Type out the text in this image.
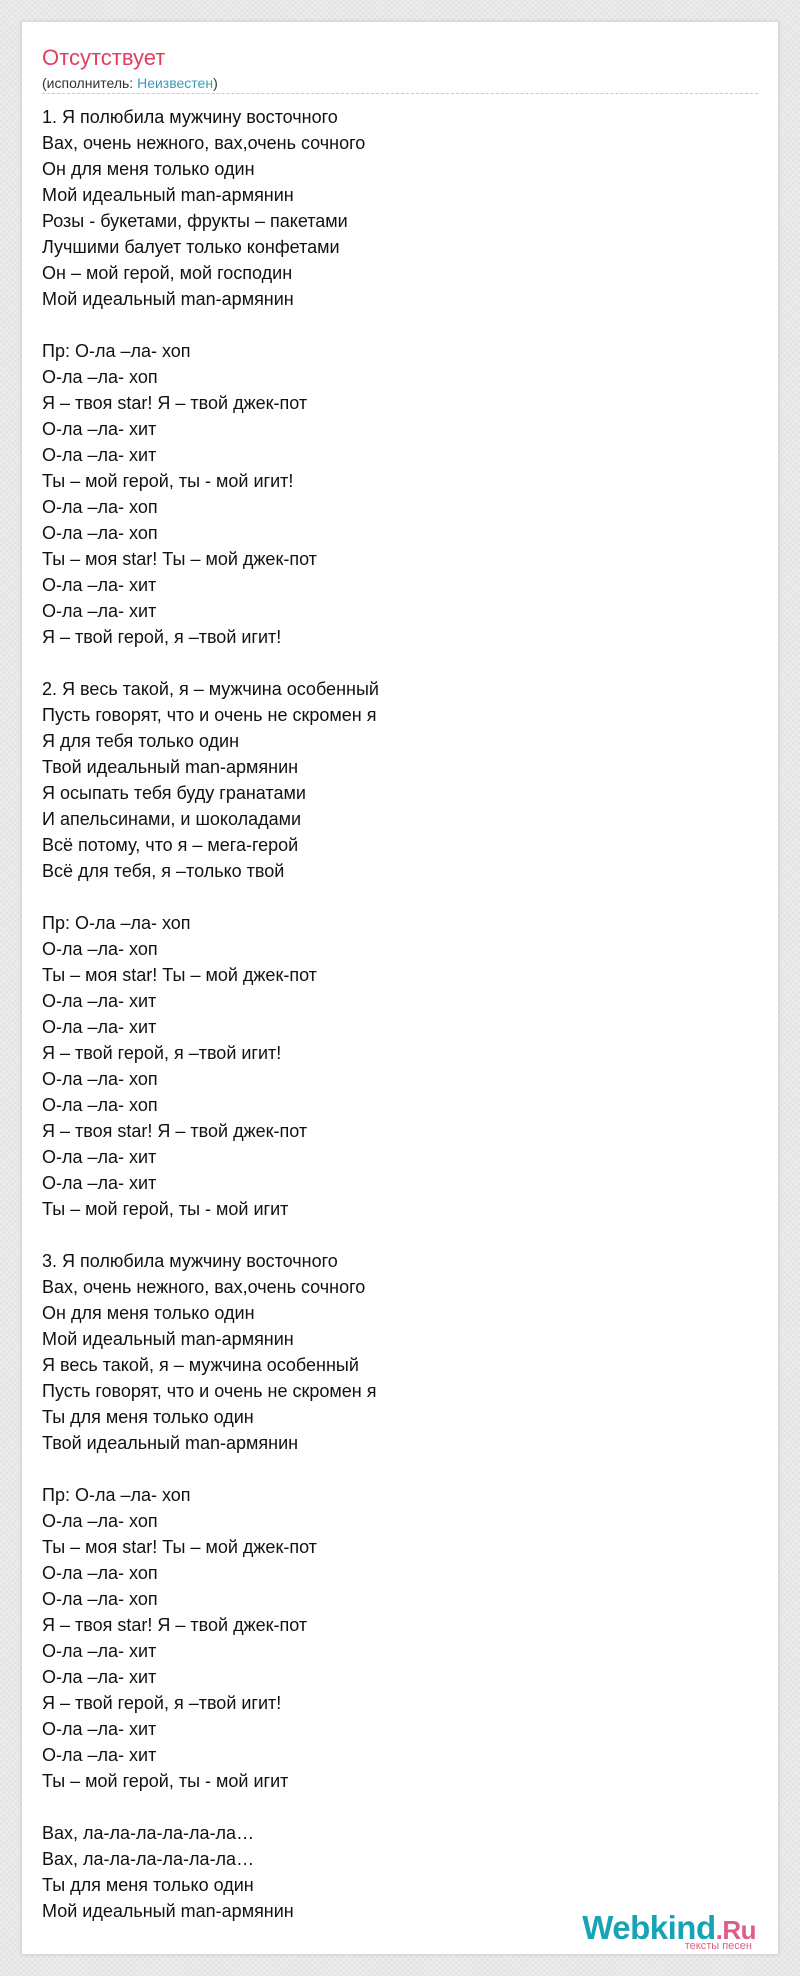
Отсутствует
(исполнитель: Неизвестен)
1. Я полюбила мужчину восточного
Вах, очень нежного, вах,очень сочного
Он для меня только один
Мой идеальный man-армянин
Розы - букетами, фрукты – пакетами
Лучшими балует только конфетами
Он – мой герой, мой господин
Мой идеальный man-армянин
Пр: О-ла –ла- хоп
О-ла –ла- хоп
Я – твоя star! Я – твой джек-пот
О-ла –ла- хит
О-ла –ла- хит
Ты – мой герой, ты - мой игит!
О-ла –ла- хоп
О-ла –ла- хоп
Ты – моя star! Ты – мой джек-пот
О-ла –ла- хит
О-ла –ла- хит
Я – твой герой, я –твой игит!
2. Я весь такой, я – мужчина особенный
Пусть говорят, что и очень не скромен я
Я для тебя только один
Твой идеальный man-армянин
Я осыпать тебя буду гранатами
И апельсинами, и шоколадами
Всё потому, что я – мега-герой
Всё для тебя, я –только твой
Пр: О-ла –ла- хоп
О-ла –ла- хоп
Ты – моя star! Ты – мой джек-пот
О-ла –ла- хит
О-ла –ла- хит
Я – твой герой, я –твой игит!
О-ла –ла- хоп
О-ла –ла- хоп
Я – твоя star! Я – твой джек-пот
О-ла –ла- хит
О-ла –ла- хит
Ты – мой герой, ты - мой игит
3. Я полюбила мужчину восточного
Вах, очень нежного, вах,очень сочного
Он для меня только один
Мой идеальный man-армянин
Я весь такой, я – мужчина особенный
Пусть говорят, что и очень не скромен я
Ты для меня только один
Твой идеальный man-армянин
Пр: О-ла –ла- хоп
О-ла –ла- хоп
Ты – моя star! Ты – мой джек-пот
О-ла –ла- хоп
О-ла –ла- хоп
Я – твоя star! Я – твой джек-пот
О-ла –ла- хит
О-ла –ла- хит
Я – твой герой, я –твой игит!
О-ла –ла- хит
О-ла –ла- хит
Ты – мой герой, ты - мой игит
Вах, ла-ла-ла-ла-ла-ла…
Вах, ла-ла-ла-ла-ла-ла…
Ты для меня только один
Мой идеальный man-армянин	Webkind.Ru
тексты песен
